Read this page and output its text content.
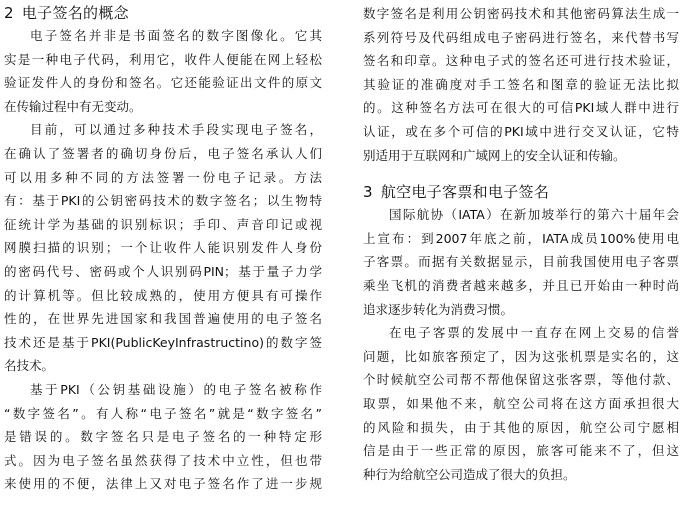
2 电子签名的概念
电子签名并非是书面签名的数字图像化。它其
实是一种电子代码，利用它，收件人便能在网上轻松
验证发件人的身份和签名。它还能验证出文件的原文
在传输过程中有无变动。
目前，可以通过多种技术手段实现电子签名，
在确认了签署者的确切身份后，电子签名承认人们
可以用多种不同的方法签署一份电子记录。方法
有：基于PKI的公钥密码技术的数字签名；以生物特
征统计学为基础的识别标识；手印、声音印记或视
网膜扫描的识别；一个让收件人能识别发件人身份
的密码代号、密码或个人识别码PIN；基于量子力学
的计算机等。但比较成熟的，使用方便具有可操作
性的，在世界先进国家和我国普遍使用的电子签名
技术还是基于PKI(PublicKeyInfrastructino)的数字签
名技术。
基于PKI（公钥基础设施）的电子签名被称作
“数字签名”。有人称“电子签名”就是“数字签名”
是错误的。数字签名只是电子签名的一种特定形
式。因为电子签名虽然获得了技术中立性，但也带
来使用的不便，法律上又对电子签名作了进一步规
数字签名是利用公钥密码技术和其他密码算法生成一
系列符号及代码组成电子密码进行签名，来代替书写
签名和印章。这种电子式的签名还可进行技术验证，
其验证的准确度对手工签名和图章的验证无法比拟
的。这种签名方法可在很大的可信PKI域人群中进行
认证，或在多个可信的PKI域中进行交叉认证，它特
别适用于互联网和广域网上的安全认证和传输。
3 航空电子客票和电子签名
国际航协（IATA）在新加坡举行的第六十届年会
上宣布：到2007年底之前，IATA成员100%使用电
子客票。而据有关数据显示，目前我国使用电子客票
乘坐飞机的消费者越来越多，并且已开始由一种时尚
追求逐步转化为消费习惯。
在电子客票的发展中一直存在网上交易的信誉
问题，比如旅客预定了，因为这张机票是实名的，这
个时候航空公司帮不帮他保留这张客票，等他付款、
取票，如果他不来，航空公司将在这方面承担很大
的风险和损失，由于其他的原因，航空公司宁愿相
信是由于一些正常的原因，旅客可能来不了，但这
种行为给航空公司造成了很大的负担。
